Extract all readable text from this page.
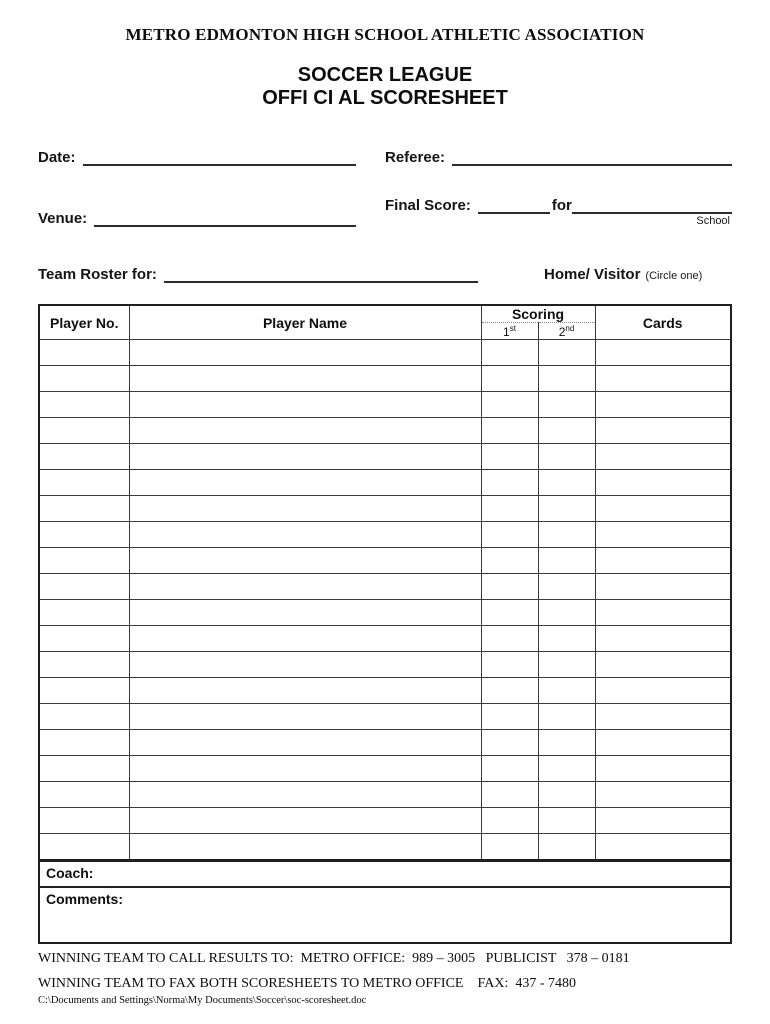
METRO EDMONTON HIGH SCHOOL ATHLETIC ASSOCIATION
SOCCER LEAGUE
OFFI CI AL SCORESHEET
Date:	Referee:
Venue:
Final Score:	for
School
Team Roster for:	Home/ Visitor (Circle one)
Player No.	Player Name	Scoring		Cards
		1st	2nd

Coach:
Comments:
WINNING TEAM TO CALL RESULTS TO:  METRO OFFICE:  989 – 3005   PUBLICIST   378 – 0181
WINNING TEAM TO FAX BOTH SCORESHEETS TO METRO OFFICE    FAX:  437 - 7480
C:\Documents and Settings\Norma\My Documents\Soccer\soc-scoresheet.doc
